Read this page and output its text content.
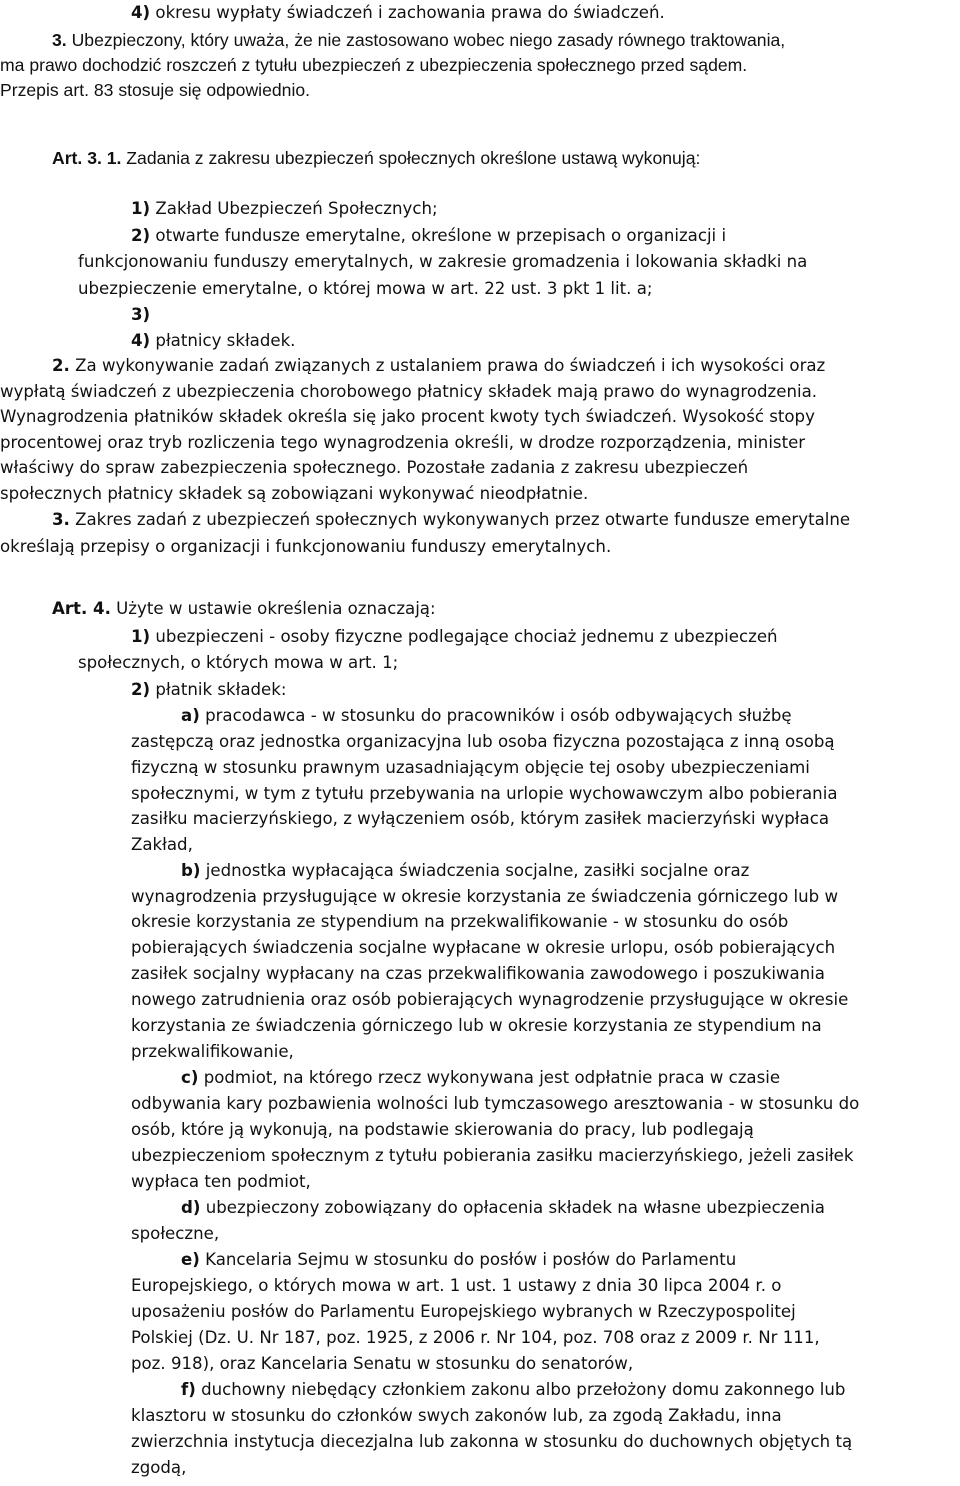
4) okresu wypłaty świadczeń i zachowania prawa do świadczeń.
3. Ubezpieczony, który uważa, że nie zastosowano wobec niego zasady równego traktowania,
ma prawo dochodzić roszczeń z tytułu ubezpieczeń z ubezpieczenia społecznego przed sądem.
Przepis art. 83 stosuje się odpowiednio.
Art. 3. 1. Zadania z zakresu ubezpieczeń społecznych określone ustawą wykonują:
1) Zakład Ubezpieczeń Społecznych;
2) otwarte fundusze emerytalne, określone w przepisach o organizacji i
funkcjonowaniu funduszy emerytalnych, w zakresie gromadzenia i lokowania składki na
ubezpieczenie emerytalne, o której mowa w art. 22 ust. 3 pkt 1 lit. a;
3)
4) płatnicy składek.
2. Za wykonywanie zadań związanych z ustalaniem prawa do świadczeń i ich wysokości oraz
wypłatą świadczeń z ubezpieczenia chorobowego płatnicy składek mają prawo do wynagrodzenia.
Wynagrodzenia płatników składek określa się jako procent kwoty tych świadczeń. Wysokość stopy
procentowej oraz tryb rozliczenia tego wynagrodzenia określi, w drodze rozporządzenia, minister
właściwy do spraw zabezpieczenia społecznego. Pozostałe zadania z zakresu ubezpieczeń
społecznych płatnicy składek są zobowiązani wykonywać nieodpłatnie.
3. Zakres zadań z ubezpieczeń społecznych wykonywanych przez otwarte fundusze emerytalne
określają przepisy o organizacji i funkcjonowaniu funduszy emerytalnych.
Art. 4. Użyte w ustawie określenia oznaczają:
1) ubezpieczeni - osoby fizyczne podlegające chociaż jednemu z ubezpieczeń
społecznych, o których mowa w art. 1;
2) płatnik składek:
a) pracodawca - w stosunku do pracowników i osób odbywających służbę
zastępczą oraz jednostka organizacyjna lub osoba fizyczna pozostająca z inną osobą
fizyczną w stosunku prawnym uzasadniającym objęcie tej osoby ubezpieczeniami
społecznymi, w tym z tytułu przebywania na urlopie wychowawczym albo pobierania
zasiłku macierzyńskiego, z wyłączeniem osób, którym zasiłek macierzyński wypłaca
Zakład,
b) jednostka wypłacająca świadczenia socjalne, zasiłki socjalne oraz
wynagrodzenia przysługujące w okresie korzystania ze świadczenia górniczego lub w
okresie korzystania ze stypendium na przekwalifikowanie - w stosunku do osób
pobierających świadczenia socjalne wypłacane w okresie urlopu, osób pobierających
zasiłek socjalny wypłacany na czas przekwalifikowania zawodowego i poszukiwania
nowego zatrudnienia oraz osób pobierających wynagrodzenie przysługujące w okresie
korzystania ze świadczenia górniczego lub w okresie korzystania ze stypendium na
przekwalifikowanie,
c) podmiot, na którego rzecz wykonywana jest odpłatnie praca w czasie
odbywania kary pozbawienia wolności lub tymczasowego aresztowania - w stosunku do
osób, które ją wykonują, na podstawie skierowania do pracy, lub podlegają
ubezpieczeniom społecznym z tytułu pobierania zasiłku macierzyńskiego, jeżeli zasiłek
wypłaca ten podmiot,
d) ubezpieczony zobowiązany do opłacenia składek na własne ubezpieczenia
społeczne,
e) Kancelaria Sejmu w stosunku do posłów i posłów do Parlamentu
Europejskiego, o których mowa w art. 1 ust. 1 ustawy z dnia 30 lipca 2004 r. o
uposażeniu posłów do Parlamentu Europejskiego wybranych w Rzeczypospolitej
Polskiej (Dz. U. Nr 187, poz. 1925, z 2006 r. Nr 104, poz. 708 oraz z 2009 r. Nr 111,
poz. 918), oraz Kancelaria Senatu w stosunku do senatorów,
f) duchowny niebędący członkiem zakonu albo przełożony domu zakonnego lub
klasztoru w stosunku do członków swych zakonów lub, za zgodą Zakładu, inna
zwierzchnia instytucja diecezjalna lub zakonna w stosunku do duchownych objętych tą
zgodą,
